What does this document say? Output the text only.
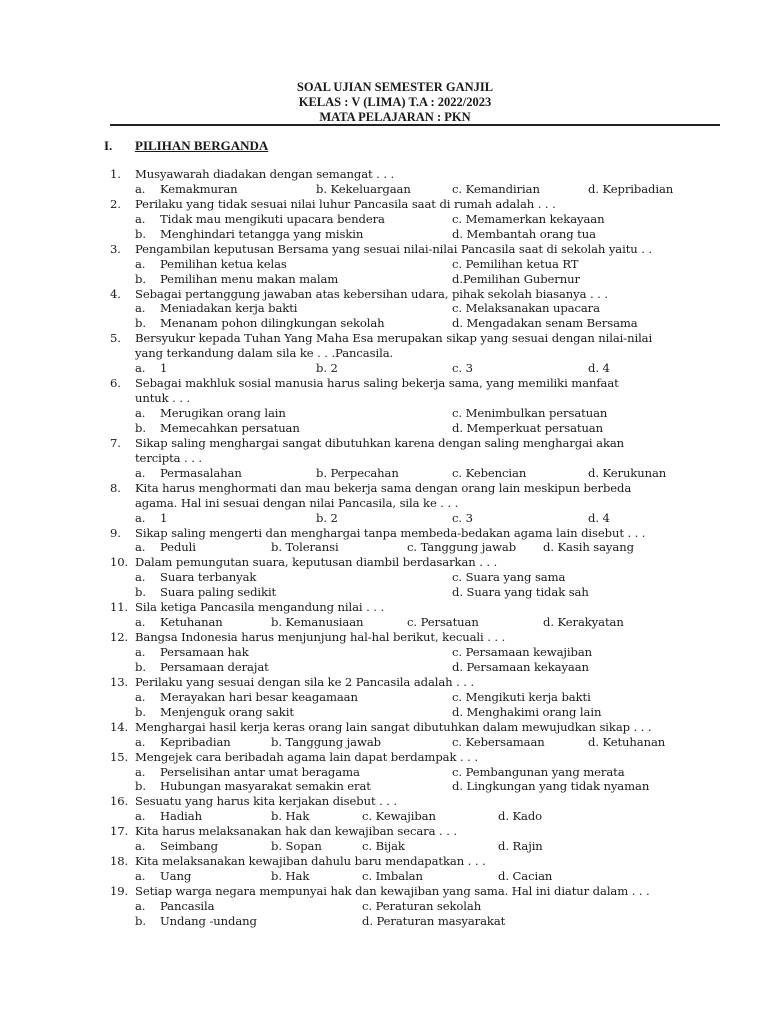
SOAL UJIAN SEMESTER GANJIL
KELAS : V (LIMA) T.A : 2022/2023
MATA PELAJARAN : PKN
I. PILIHAN BERGANDA
1. Musyawarah diadakan dengan semangat . . .
a. Kemakmuran	b. Kekeluargaan	c. Kemandirian	d. Kepribadian
2. Perilaku yang tidak sesuai nilai luhur Pancasila saat di rumah adalah . . .
a. Tidak mau mengikuti upacara bendera	c. Memamerkan kekayaan
b. Menghindari tetangga yang miskin	d. Membantah orang tua
3. Pengambilan keputusan Bersama yang sesuai nilai-nilai Pancasila saat di sekolah yaitu . .
a. Pemilihan ketua kelas	c. Pemilihan ketua RT
b. Pemilihan menu makan malam	d.Pemilihan Gubernur
4. Sebagai pertanggung jawaban atas kebersihan udara, pihak sekolah biasanya . . .
a. Meniadakan kerja bakti	c. Melaksanakan upacara
b. Menanam pohon dilingkungan sekolah	d. Mengadakan senam Bersama
5. Bersyukur kepada Tuhan Yang Maha Esa merupakan sikap yang sesuai dengan nilai-nilai
yang terkandung dalam sila ke . . .Pancasila.
a. 1	b. 2	c. 3	d. 4
6. Sebagai makhluk sosial manusia harus saling bekerja sama, yang memiliki manfaat
untuk . . .
a. Merugikan orang lain	c. Menimbulkan persatuan
b. Memecahkan persatuan	d. Memperkuat persatuan
7. Sikap saling menghargai sangat dibutuhkan karena dengan saling menghargai akan
tercipta . . .
a. Permasalahan	b. Perpecahan	c. Kebencian	d. Kerukunan
8. Kita harus menghormati dan mau bekerja sama dengan orang lain meskipun berbeda
agama. Hal ini sesuai dengan nilai Pancasila, sila ke . . .
a. 1	b. 2	c. 3	d. 4
9. Sikap saling mengerti dan menghargai tanpa membeda-bedakan agama lain disebut . . .
a. Peduli	b. Toleransi	c. Tanggung jawab d. Kasih sayang
10. Dalam pemungutan suara, keputusan diambil berdasarkan . . .
a. Suara terbanyak	c. Suara yang sama
b. Suara paling sedikit	d. Suara yang tidak sah
11. Sila ketiga Pancasila mengandung nilai . . .
a. Ketuhanan	b. Kemanusiaan	c. Persatuan	d. Kerakyatan
12. Bangsa Indonesia harus menjunjung hal-hal berikut, kecuali . . .
a. Persamaan hak	c. Persamaan kewajiban
b. Persamaan derajat	d. Persamaan kekayaan
13. Perilaku yang sesuai dengan sila ke 2 Pancasila adalah . . .
a. Merayakan hari besar keagamaan	c. Mengikuti kerja bakti
b. Menjenguk orang sakit	d. Menghakimi orang lain
14. Menghargai hasil kerja keras orang lain sangat dibutuhkan dalam mewujudkan sikap . . .
a. Kepribadian	b. Tanggung jawab	c. Kebersamaan	d. Ketuhanan
15. Mengejek cara beribadah agama lain dapat berdampak . . .
a. Perselisihan antar umat beragama	c. Pembangunan yang merata
b. Hubungan masyarakat semakin erat	d. Lingkungan yang tidak nyaman
16. Sesuatu yang harus kita kerjakan disebut . . .
a. Hadiah	b. Hak	c. Kewajiban	d. Kado
17. Kita harus melaksanakan hak dan kewajiban secara . . .
a. Seimbang	b. Sopan	c. Bijak	d. Rajin
18. Kita melaksanakan kewajiban dahulu baru mendapatkan . . .
a. Uang	b. Hak	c. Imbalan	d. Cacian
19. Setiap warga negara mempunyai hak dan kewajiban yang sama. Hal ini diatur dalam . . .
a. Pancasila	c. Peraturan sekolah
b. Undang -undang	d. Peraturan masyarakat
